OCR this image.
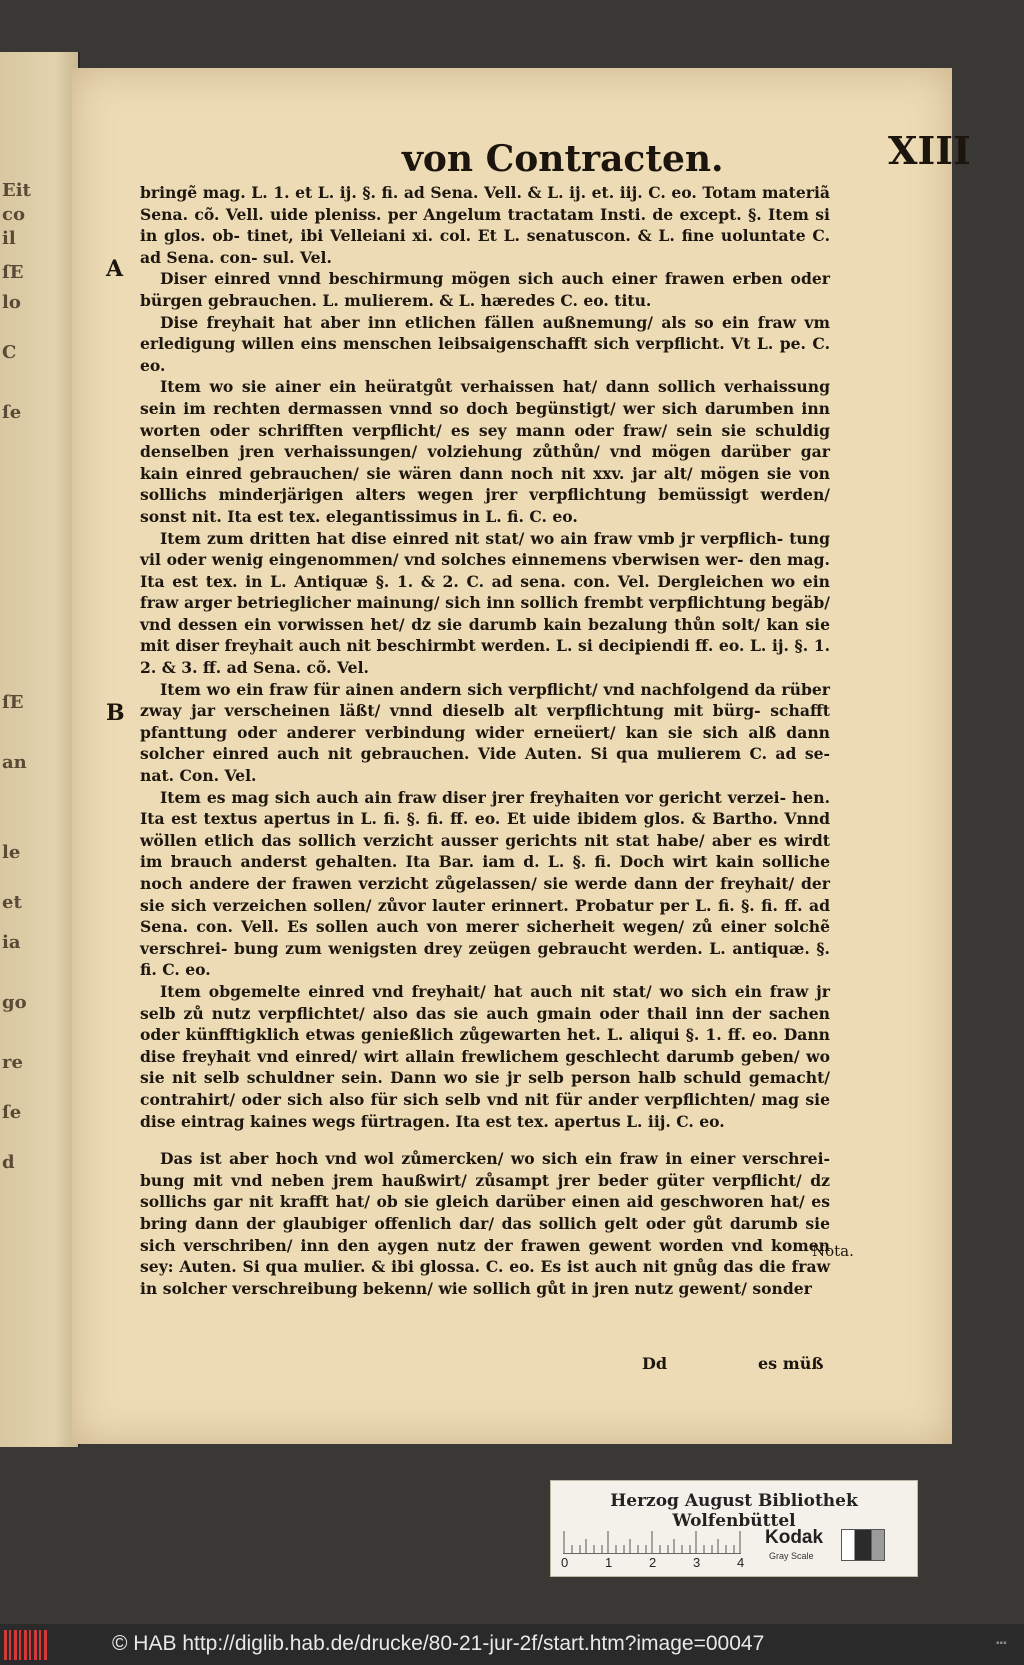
Eit
co
il
ſE
lo
C
ſe
ſE
an
le
et
ia
go
re
ſe
d
von Contracten.	XIII
A
B
Nota.

bringẽ mag. L. 1. et L. ij. §. fi. ad Sena. Vell. & L. ij. et. iij. C. eo. Totam materiã Sena. cõ. Vell. uide pleniss. per Angelum tractatam Insti. de except. §. Item si in glos. ob‑ tinet, ibi Velleiani xi. col. Et L. senatuscon. & L. fine uoluntate C. ad Sena. con‑ sul. Vel.

Diser einred vnnd beschirmung mögen sich auch einer frawen erben oder bürgen gebrauchen. L. mulierem. & L. hæredes C. eo. titu.

Dise freyhait hat aber inn etlichen fällen außnemung/ als so ein fraw vm erledigung willen eins menschen leibsaigenschafft sich verpflicht. Vt L. pe. C. eo.

Item wo sie ainer ein heüratgůt verhaissen hat/ dann sollich verhaissung sein im rechten dermassen vnnd so doch begünstigt/ wer sich darumben inn worten oder schrifften verpflicht/ es sey mann oder fraw/ sein sie schuldig denselben jren verhaissungen/ volziehung zůthůn/ vnd mögen darüber gar kain einred gebrauchen/ sie wären dann noch nit xxv. jar alt/ mögen sie von sollichs minderjärigen alters wegen jrer verpflichtung bemüssigt werden/ sonst nit. Ita est tex. elegantissimus in L. fi. C. eo.

Item zum dritten hat dise einred nit stat/ wo ain fraw vmb jr verpflich‑ tung vil oder wenig eingenommen/ vnd solches einnemens vberwisen wer‑ den mag. Ita est tex. in L. Antiquæ §. 1. & 2. C. ad sena. con. Vel. Dergleichen wo ein fraw arger betrieglicher mainung/ sich inn sollich frembt verpflichtung begäb/ vnd dessen ein vorwissen het/ dz sie darumb kain bezalung thůn solt/ kan sie mit diser freyhait auch nit beschirmbt werden. L. si decipiendi ff. eo. L. ij. §. 1. 2. & 3. ff. ad Sena. cõ. Vel.

Item wo ein fraw für ainen andern sich verpflicht/ vnd nachfolgend da rüber zway jar verscheinen läßt/ vnnd dieselb alt verpflichtung mit bürg‑ schafft pfanttung oder anderer verbindung wider erneüert/ kan sie sich alß dann solcher einred auch nit gebrauchen. Vide Auten. Si qua mulierem C. ad se‑ nat. Con. Vel.

Item es mag sich auch ain fraw diser jrer freyhaiten vor gericht verzei‑ hen. Ita est textus apertus in L. fi. §. fi. ff. eo. Et uide ibidem glos. & Bartho. Vnnd wöllen etlich das sollich verzicht ausser gerichts nit stat habe/ aber es wirdt im brauch anderst gehalten. Ita Bar. iam d. L. §. fi. Doch wirt kain solliche noch andere der frawen verzicht zůgelassen/ sie werde dann der freyhait/ der sie sich verzeichen sollen/ zůvor lauter erinnert. Probatur per L. fi. §. fi. ff. ad Sena. con. Vell. Es sollen auch von merer sicherheit wegen/ zů einer solchẽ verschrei‑ bung zum wenigsten drey zeügen gebraucht werden. L. antiquæ. §. fi. C. eo.

Item obgemelte einred vnd freyhait/ hat auch nit stat/ wo sich ein fraw jr selb zů nutz verpflichtet/ also das sie auch gmain oder thail inn der sachen oder künfftigklich etwas genießlich zůgewarten het. L. aliqui §. 1. ff. eo. Dann dise freyhait vnd einred/ wirt allain frewlichem geschlecht darumb geben/ wo sie nit selb schuldner sein. Dann wo sie jr selb person halb schuld gemacht/ contrahirt/ oder sich also für sich selb vnd nit für ander verpflichten/ mag sie dise eintrag kaines wegs fürtragen. Ita est tex. apertus L. iij. C. eo.

Das ist aber hoch vnd wol zůmercken/ wo sich ein fraw in einer verschrei‑ bung mit vnd neben jrem haußwirt/ zůsampt jrer beder güter verpflicht/ dz sollichs gar nit krafft hat/ ob sie gleich darüber einen aid geschworen hat/ es bring dann der glaubiger offenlich dar/ das sollich gelt oder gůt darumb sie sich verschriben/ inn den aygen nutz der frawen gewent worden vnd komen sey: Auten. Si qua mulier. & ibi glossa. C. eo. Es ist auch nit gnůg das die fraw in solcher verschreibung bekenn/ wie sollich gůt in jren nutz gewent/ sonder

Dd	es müß
Herzog August Bibliothek Wolfenbüttel
0	1	2	3	4
Kodak
Gray Scale
© HAB http://diglib.hab.de/drucke/80-21-jur-2f/start.htm?image=00047	▪▪▪
